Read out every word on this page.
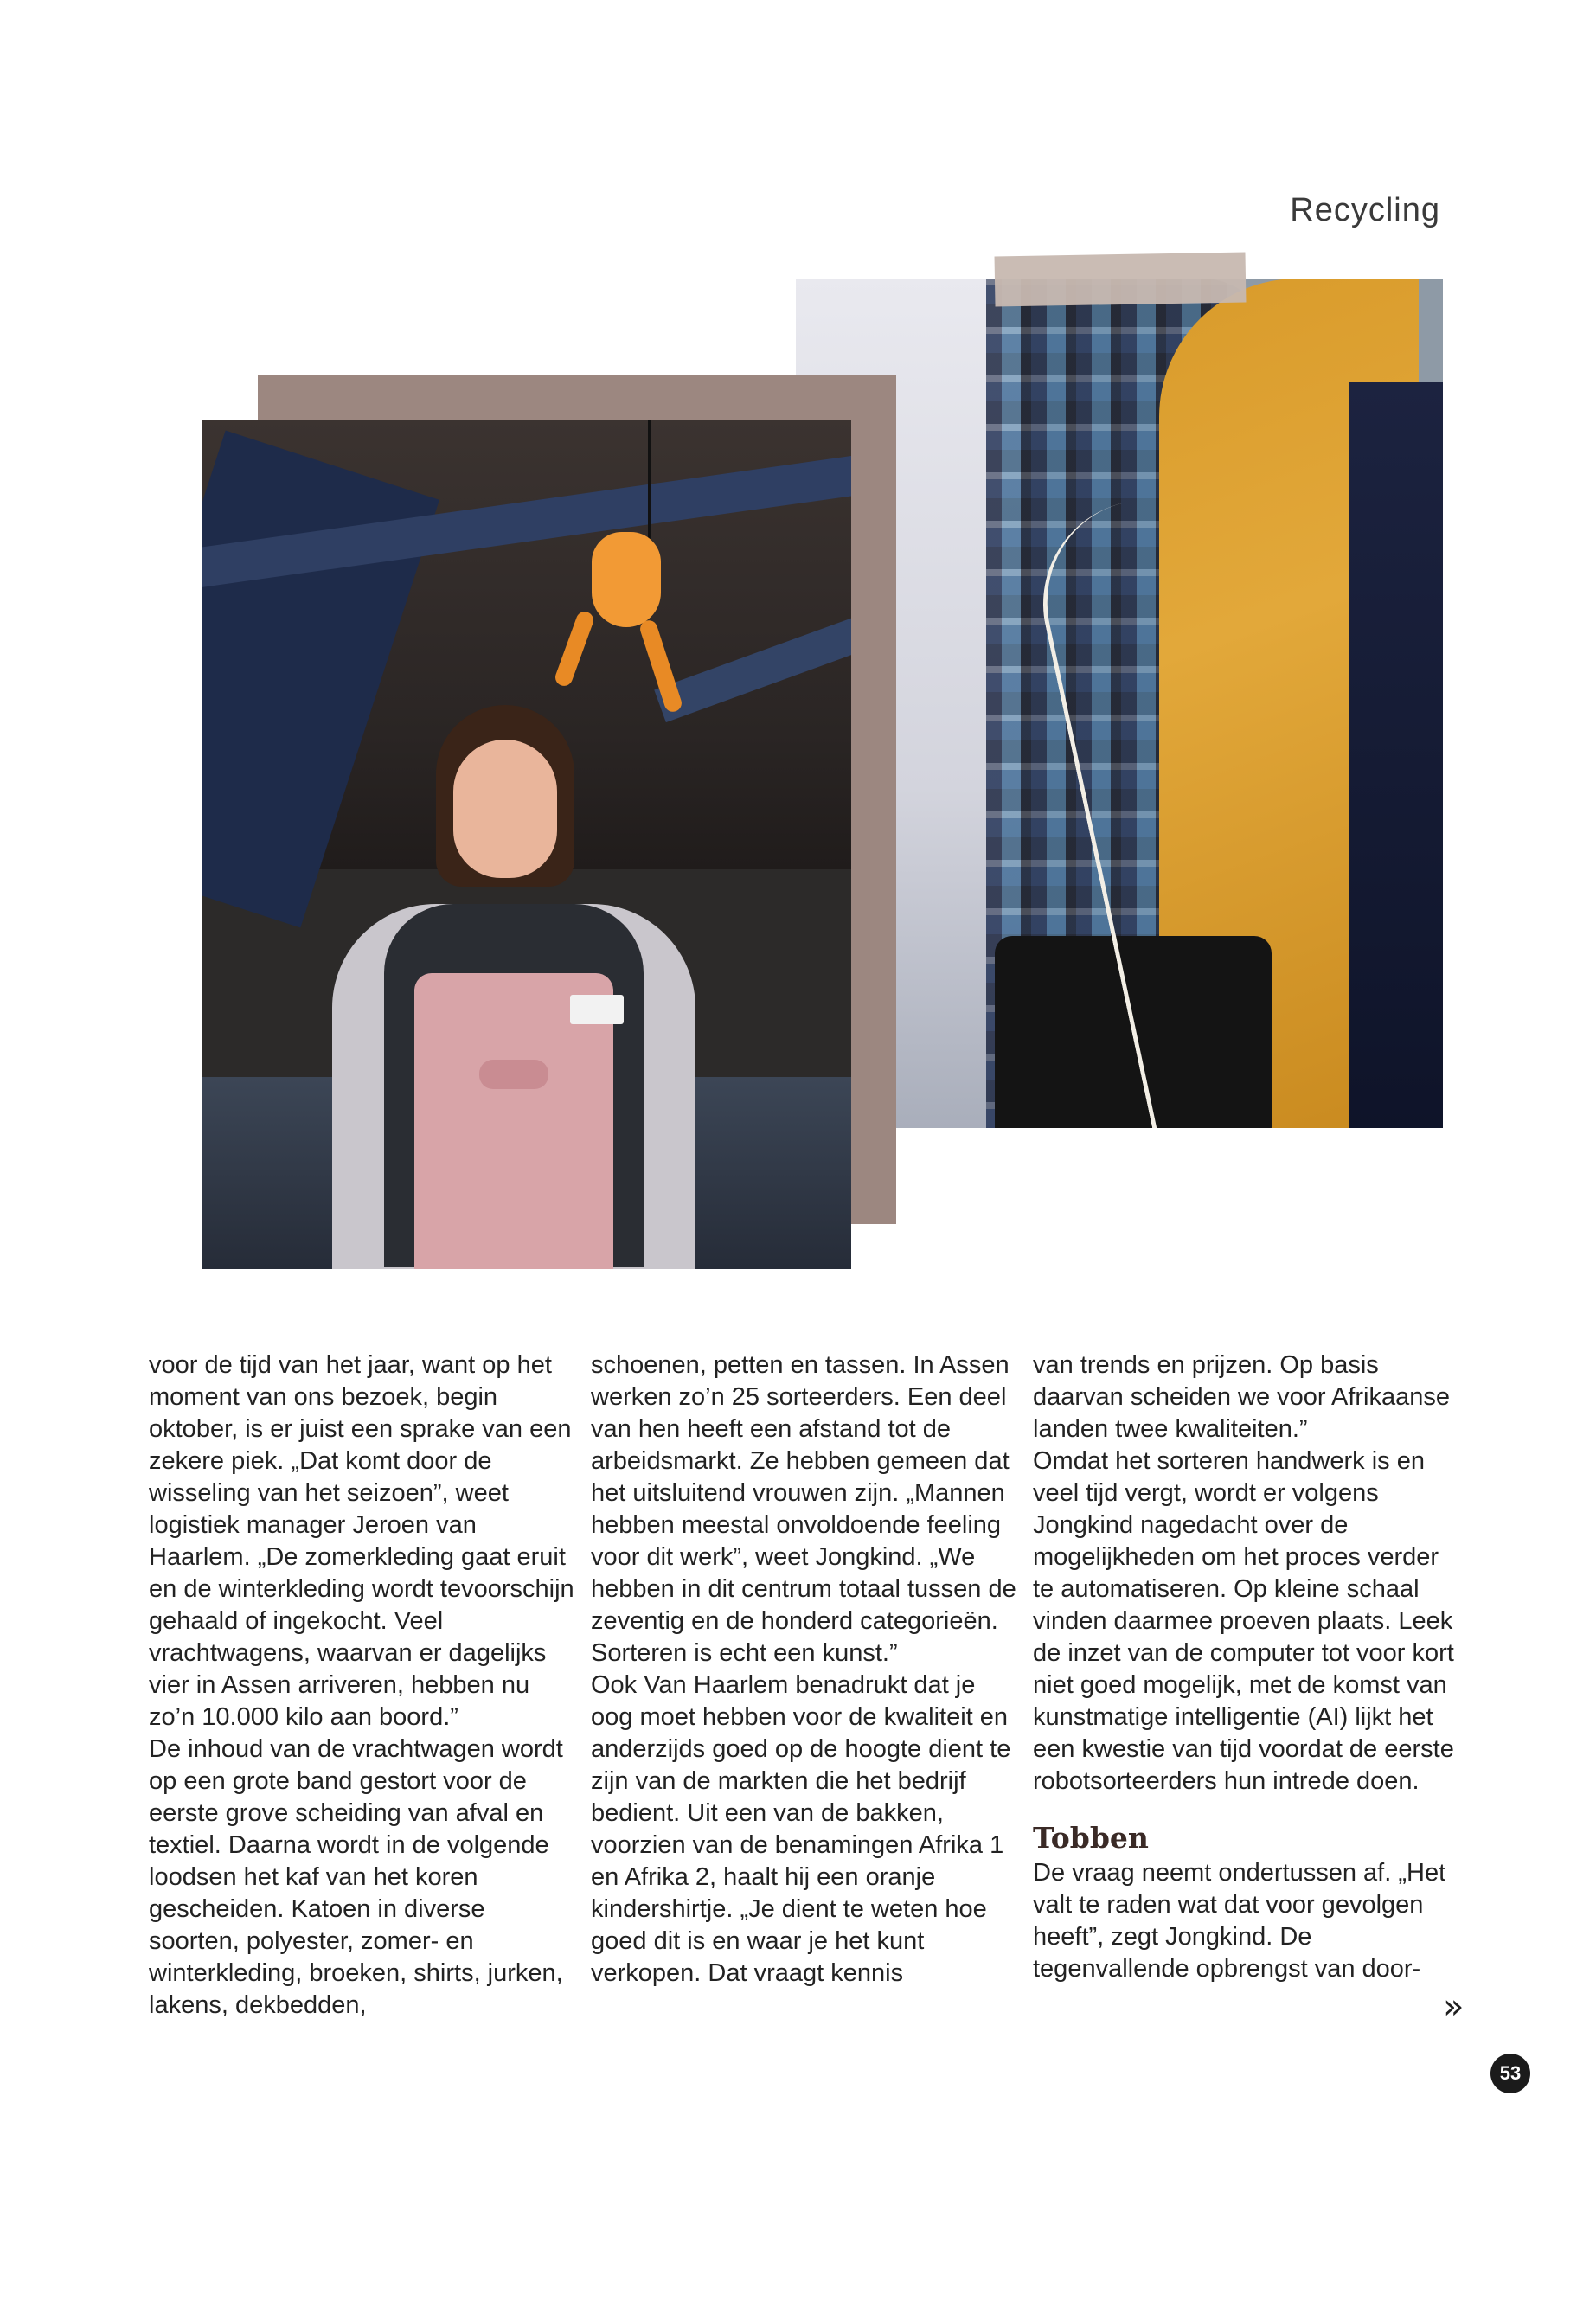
Recycling

voor de tijd van het jaar, want op het moment van ons bezoek, begin oktober, is er juist een sprake van een zekere piek. „Dat komt door de wisseling van het seizoen”, weet logistiek manager Jeroen van Haarlem. „De zomerkleding gaat eruit en de winterkleding wordt tevoorschijn gehaald of ingekocht. Veel vrachtwagens, waarvan er dagelijks vier in Assen arriveren, hebben nu zo’n 10.000 kilo aan boord.”

De inhoud van de vrachtwagen wordt op een grote band gestort voor de eerste grove scheiding van afval en textiel. Daarna wordt in de volgende loodsen het kaf van het koren gescheiden. Katoen in diverse soorten, polyester, zomer- en winterkleding, broeken, shirts, jurken, lakens, dekbedden,

schoenen, petten en tassen. In Assen werken zo’n 25 sorteerders. Een deel van hen heeft een afstand tot de arbeidsmarkt. Ze hebben gemeen dat het uitsluitend vrouwen zijn. „Mannen hebben meestal onvoldoende feeling voor dit werk”, weet Jongkind. „We hebben in dit centrum totaal tussen de zeventig en de honderd categorieën. Sorteren is echt een kunst.”

Ook Van Haarlem benadrukt dat je oog moet hebben voor de kwaliteit en anderzijds goed op de hoogte dient te zijn van de markten die het bedrijf bedient. Uit een van de bakken, voorzien van de benamingen Afrika 1 en Afrika 2, haalt hij een oranje kindershirtje. „Je dient te weten hoe goed dit is en waar je het kunt verkopen. Dat vraagt kennis

van trends en prijzen. Op basis daarvan scheiden we voor Afrikaanse landen twee kwaliteiten.”

Omdat het sorteren handwerk is en veel tijd vergt, wordt er volgens Jongkind nagedacht over de mogelijkheden om het proces verder te automatiseren. Op kleine schaal vinden daarmee proeven plaats. Leek de inzet van de computer tot voor kort niet goed mogelijk, met de komst van kunstmatige intelligentie (AI) lijkt het een kwestie van tijd voordat de eerste robotsorteerders hun intrede doen.

Tobben

De vraag neemt ondertussen af. „Het valt te raden wat dat voor gevolgen heeft”, zegt Jongkind. De tegenvallende opbrengst van door-

»
53
